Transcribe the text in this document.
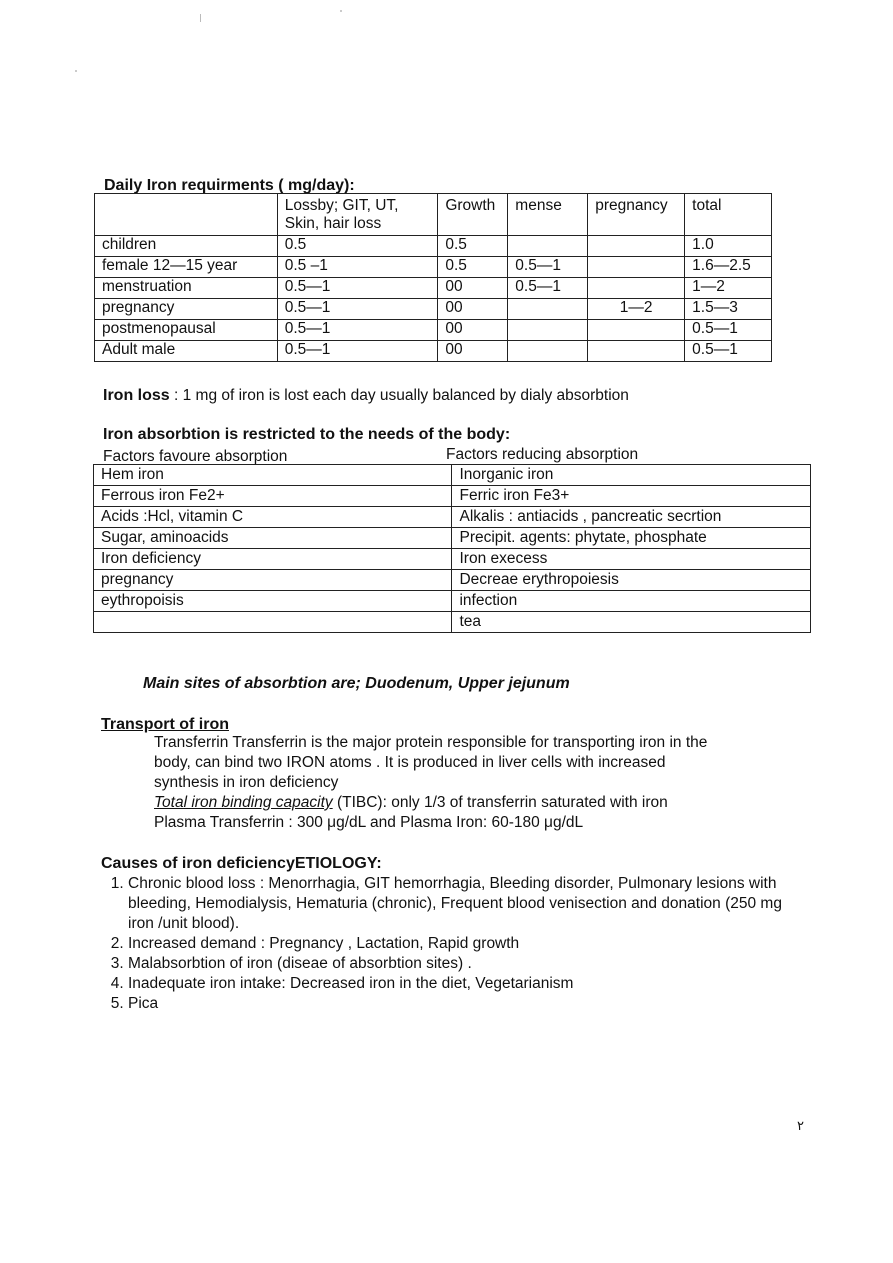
Daily Iron requirments ( mg/day):
	Lossby; GIT, UT, Skin, hair loss	Growth	mense	pregnancy	total
children	0.5	0.5			1.0
female 12—15 year	0.5 –1	0.5	0.5—1		1.6—2.5
menstruation	0.5—1	00	0.5—1		1—2
pregnancy	0.5—1	00		1—2	1.5—3
postmenopausal	0.5—1	00			0.5—1
Adult male	0.5—1	00			0.5—1
Iron loss : 1 mg of iron is lost each day usually balanced by dialy absorbtion
Iron absorbtion is restricted to the needs of the body:
Factors favoure absorption	Factors reducing absorption
Hem iron	Inorganic iron
Ferrous iron Fe2+	Ferric iron Fe3+
Acids :Hcl, vitamin C	Alkalis : antiacids , pancreatic secrtion
Sugar, aminoacids	Precipit. agents: phytate, phosphate
Iron deficiency	Iron execess
pregnancy	Decreae erythropoiesis
eythropoisis	infection
	tea
Main sites of absorbtion are; Duodenum, Upper jejunum
Transport of iron
Transferrin Transferrin is the major protein responsible for transporting iron in the
body, can bind two IRON atoms . It is produced in liver cells with increased
synthesis in iron deficiency
Total iron binding capacity (TIBC): only 1/3 of transferrin saturated with iron
Plasma Transferrin : 300 μg/dL and Plasma Iron: 60-180 μg/dL
Causes of iron deficiencyETIOLOGY:
1. Chronic blood loss : Menorrhagia, GIT hemorrhagia, Bleeding disorder, Pulmonary lesions with bleeding, Hemodialysis, Hematuria (chronic), Frequent blood venisection and donation (250 mg iron /unit blood).
2. Increased demand : Pregnancy , Lactation, Rapid growth
3. Malabsorbtion of iron (diseae of absorbtion sites) .
4. Inadequate iron intake: Decreased iron in the diet, Vegetarianism
5. Pica
٢
